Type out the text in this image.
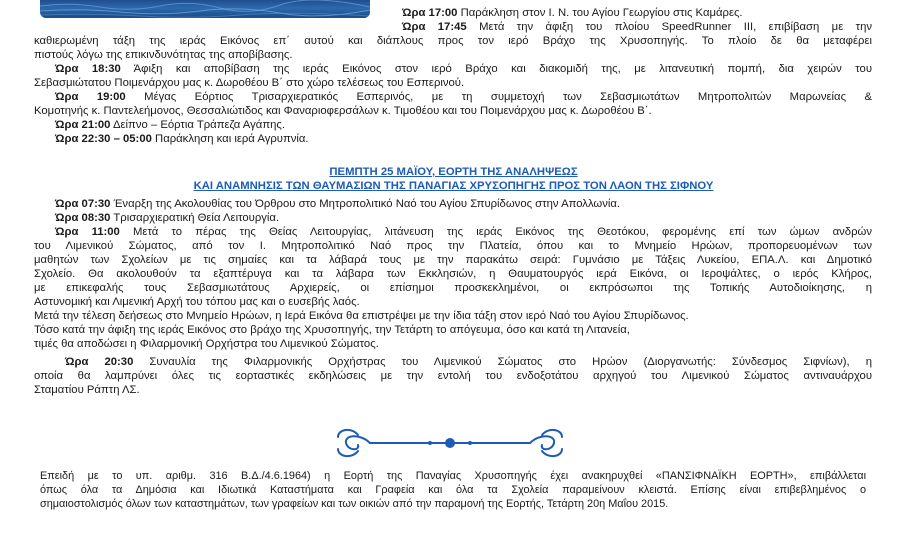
Ώρα 17:00 Παράκληση στον Ι. Ν. του Αγίου Γεωργίου στις Καμάρες.
Ώρα 17:45 Μετά την άφιξη του πλοίου SpeedRunner III, επιβίβαση με την
καθιερωμένη τάξη της ιεράς Εικόνος επ΄ αυτού και διάπλους προς τον ιερό Βράχο της Χρυσοπηγής. Το πλοίο δε θα μεταφέρει
πιστούς λόγω της επικινδυνότητας της αποβίβασης.
Ώρα 18:30 Άφιξη και αποβίβαση της ιεράς Εικόνος στον ιερό Βράχο και διακομιδή της, με λιτανευτική πομπή, δια χειρών του
Σεβασμιώτατου Ποιμενάρχου μας κ. Δωροθέου Β΄ στο χώρο τελέσεως του Εσπερινού.
Ώρα 19:00 Μέγας Εόρτιος Τρισαρχιερατικός Εσπερινός, με τη συμμετοχή των Σεβασμιωτάτων Μητροπολιτών Μαρωνείας &
Κομοτηνής κ. Παντελεήμονος, Θεσσαλιώτιδος και Φαναριοφερσάλων κ. Τιμοθέου και του Ποιμενάρχου μας κ. Δωροθέου Β΄.
Ώρα 21:00 Δείπνο – Εόρτια Τράπεζα Αγάπης.
Ώρα 22:30 – 05:00 Παράκληση και ιερά Αγρυπνία.
ΠΕΜΠΤΗ 25 ΜΑΪΟΥ, ΕΟΡΤΗ ΤΗΣ ΑΝΑΛΗΨΕΩΣ
ΚΑΙ ΑΝΑΜΝΗΣΙΣ ΤΩΝ ΘΑΥΜΑΣΙΩΝ ΤΗΣ ΠΑΝΑΓΙΑΣ ΧΡΥΣΟΠΗΓΗΣ ΠΡΟΣ ΤΟΝ ΛΑΟΝ ΤΗΣ ΣΙΦΝΟΥ
Ώρα 07:30 Έναρξη της Ακολουθίας του Όρθρου στο Μητροπολιτικό Ναό του Αγίου Σπυρίδωνος στην Απολλωνία.
Ώρα 08:30 Τρισαρχιερατική Θεία Λειτουργία.
Ώρα 11:00 Μετά το πέρας της Θείας Λειτουργίας, λιτάνευση της ιεράς Εικόνος της Θεοτόκου, φερομένης επί των ώμων ανδρών
του Λιμενικού Σώματος, από τον Ι. Μητροπολιτικό Ναό προς την Πλατεία, όπου και το Μνημείο Ηρώων, προπορευομένων των
μαθητών των Σχολείων με τις σημαίες και τα λάβαρά τους με την παρακάτω σειρά: Γυμνάσιο με Τάξεις Λυκείου, ΕΠΑ.Λ. και Δημοτικό
Σχολείο. Θα ακολουθούν τα εξαπτέρυγα και τα λάβαρα των Εκκλησιών, η Θαυματουργός ιερά Εικόνα, οι Ιεροψάλτες, ο ιερός Κλήρος,
με επικεφαλής τους Σεβασμιωτάτους Αρχιερείς, οι επίσημοι προσκεκλημένοι, οι εκπρόσωποι της Τοπικής Αυτοδιοίκησης, η
Αστυνομική και Λιμενική Αρχή του τόπου μας και ο ευσεβής λαός.
Μετά την τέλεση δεήσεως στο Μνημείο Ηρώων, η Ιερά Εικόνα θα επιστρέψει με την ίδια τάξη στον ιερό Ναό του Αγίου Σπυρίδωνος.
Τόσο κατά την άφιξη της ιεράς Εικόνος στο βράχο της Χρυσοπηγής, την Τετάρτη το απόγευμα, όσο και κατά τη Λιτανεία,
τιμές θα αποδώσει η Φιλαρμονική Ορχήστρα του Λιμενικού Σώματος.
Ώρα 20:30 Συναυλία της Φιλαρμονικής Ορχήστρας του Λιμενικού Σώματος στο Ηρώον (Διοργανωτής: Σύνδεσμος Σιφνίων), η
οποία θα λαμπρύνει όλες τις εορταστικές εκδηλώσεις με την εντολή του ενδοξοτάτου αρχηγού του Λιμενικού Σώματος αντιναυάρχου
Σταματίου Ράπτη ΛΣ.
Επειδή με το υπ. αριθμ. 316 Β.Δ./4.6.1964) η Εορτή της Παναγίας Χρυσοπηγής έχει ανακηρυχθεί «ΠΑΝΣΙΦΝΑΪΚΗ ΕΟΡΤΗ», επιβάλλεται
όπως όλα τα Δημόσια και Ιδιωτικά Καταστήματα και Γραφεία και όλα τα Σχολεία παραμείνουν κλειστά. Επίσης είναι επιβεβλημένος ο
σημαιοστολισμός όλων των καταστημάτων, των γραφείων και των οικιών από την παραμονή της Εορτής, Τετάρτη 20η Μαΐου 2015.
